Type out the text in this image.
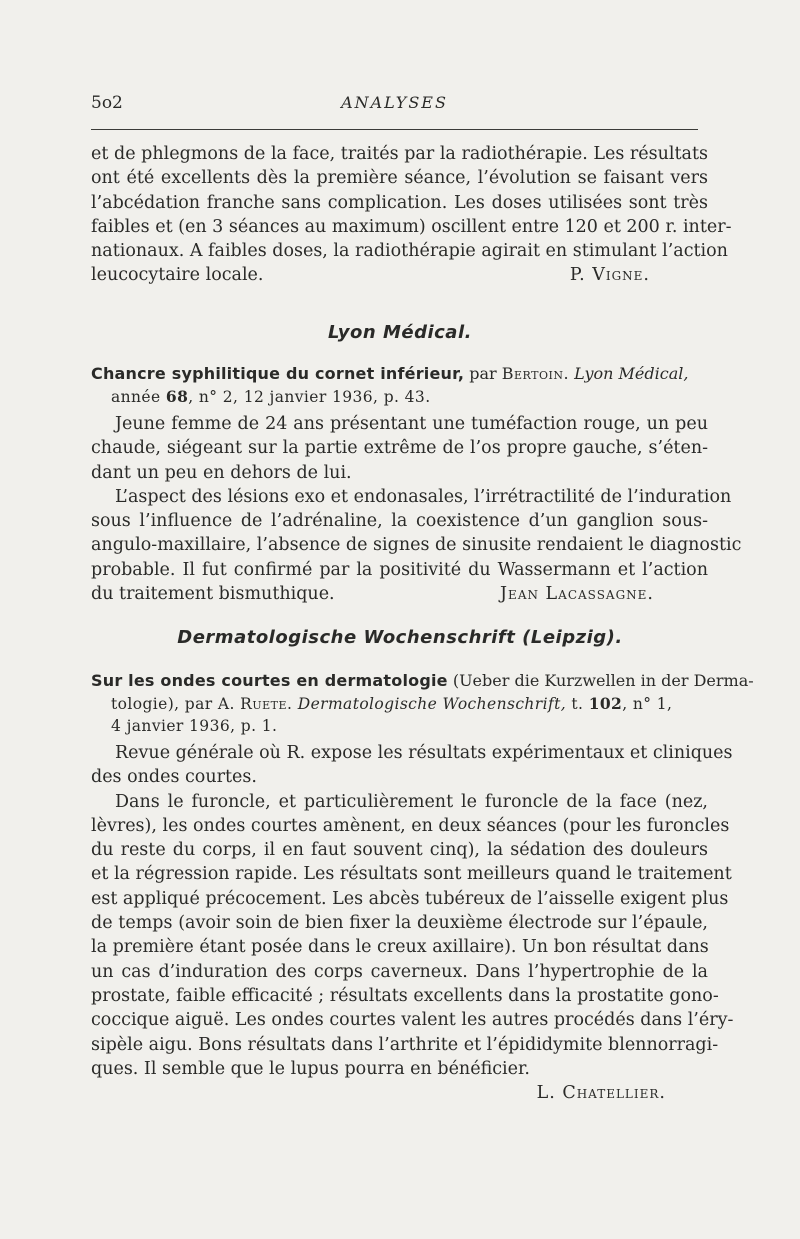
5o2	ANALYSES
et de phlegmons de la face, traités par la radiothérapie. Les résultats
ont été excellents dès la première séance, l’évolution se faisant vers
l’abcédation franche sans complication. Les doses utilisées sont très
faibles et (en 3 séances au maximum) oscillent entre 120 et 200 r. inter-
nationaux. A faibles doses, la radiothérapie agirait en stimulant l’action
leucocytaire locale.	P. Vigne.
Lyon Médical.
Chancre syphilitique du cornet inférieur, par Bertoin. Lyon Médical,
année 68, n° 2, 12 janvier 1936, p. 43.
Jeune femme de 24 ans présentant une tuméfaction rouge, un peu
chaude, siégeant sur la partie extrême de l’os propre gauche, s’éten-
dant un peu en dehors de lui.
L’aspect des lésions exo et endonasales, l’irrétractilité de l’induration
sous l’influence de l’adrénaline, la coexistence d’un ganglion sous-
angulo-maxillaire, l’absence de signes de sinusite rendaient le diagnostic
probable. Il fut confirmé par la positivité du Wassermann et l’action
du traitement bismuthique.	Jean Lacassagne.
Dermatologische Wochenschrift (Leipzig).
Sur les ondes courtes en dermatologie (Ueber die Kurzwellen in der Derma-
tologie), par A. Ruete. Dermatologische Wochenschrift, t. 102, n° 1,
4 janvier 1936, p. 1.
Revue générale où R. expose les résultats expérimentaux et cliniques
des ondes courtes.
Dans le furoncle, et particulièrement le furoncle de la face (nez,
lèvres), les ondes courtes amènent, en deux séances (pour les furoncles
du reste du corps, il en faut souvent cinq), la sédation des douleurs
et la régression rapide. Les résultats sont meilleurs quand le traitement
est appliqué précocement. Les abcès tubéreux de l’aisselle exigent plus
de temps (avoir soin de bien fixer la deuxième électrode sur l’épaule,
la première étant posée dans le creux axillaire). Un bon résultat dans
un cas d’induration des corps caverneux. Dans l’hypertrophie de la
prostate, faible efficacité ; résultats excellents dans la prostatite gono-
coccique aiguë. Les ondes courtes valent les autres procédés dans l’éry-
sipèle aigu. Bons résultats dans l’arthrite et l’épididymite blennorragi-
ques. Il semble que le lupus pourra en bénéficier.
L. Chatellier.
